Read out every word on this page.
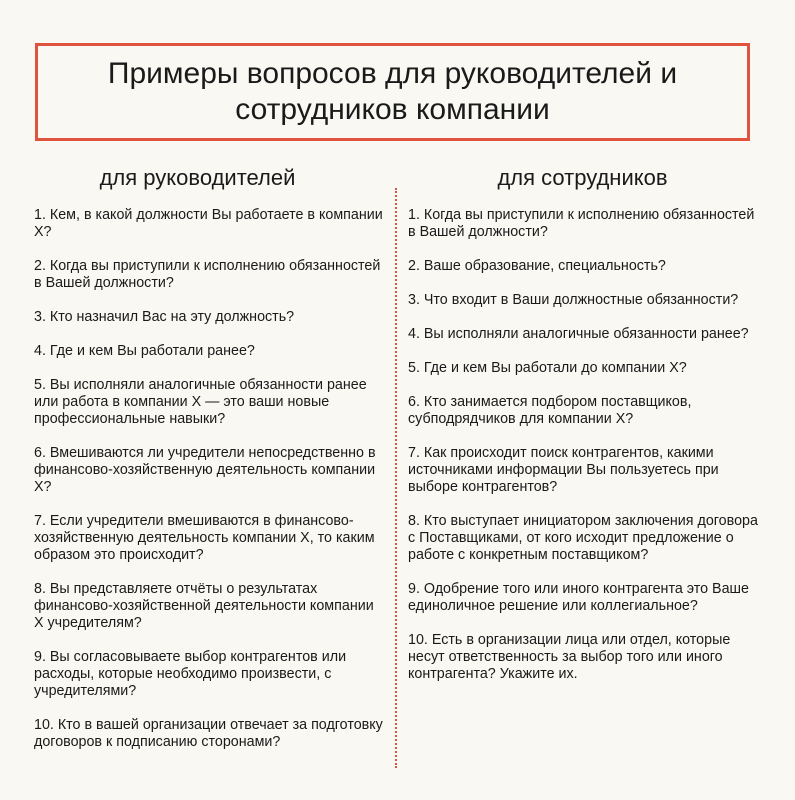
Примеры вопросов для руководителей и сотрудников компании
для руководителей	для сотрудников
1. Кем, в какой должности Вы работаете в компании Х?
2. Когда вы приступили к исполнению обязанностей в Вашей должности?
3. Кто назначил Вас на эту должность?
4. Где и кем Вы работали ранее?
5. Вы исполняли аналогичные обязанности ранее или работа в компании Х — это ваши новые профессиональные навыки?
6. Вмешиваются ли учредители непосредственно в финансово-хозяйственную деятельность компании Х?
7. Если учредители вмешиваются в финансово-хозяйственную деятельность компании Х, то каким образом это происходит?
8. Вы представляете отчёты о результатах финансово-хозяйственной деятельности компании Х учредителям?
9. Вы согласовываете выбор контрагентов или расходы, которые необходимо произвести, с учредителями?
10. Кто в вашей организации отвечает за подготовку договоров к подписанию сторонами?
1. Когда вы приступили к исполнению обязанностей в Вашей должности?
2. Ваше образование, специальность?
3. Что входит в Ваши должностные обязанности?
4. Вы исполняли аналогичные обязанности ранее?
5. Где и кем Вы работали до компании Х?
6. Кто занимается подбором поставщиков, субподрядчиков для компании Х?
7. Как происходит поиск контрагентов, какими источниками информации Вы пользуетесь при выборе контрагентов?
8. Кто выступает инициатором заключения договора с Поставщиками, от кого исходит предложение о работе с конкретным поставщиком?
9. Одобрение того или иного контрагента это Ваше единоличное решение или коллегиальное?
10. Есть в организации лица или отдел, которые несут ответственность за выбор того или иного контрагента? Укажите их.
